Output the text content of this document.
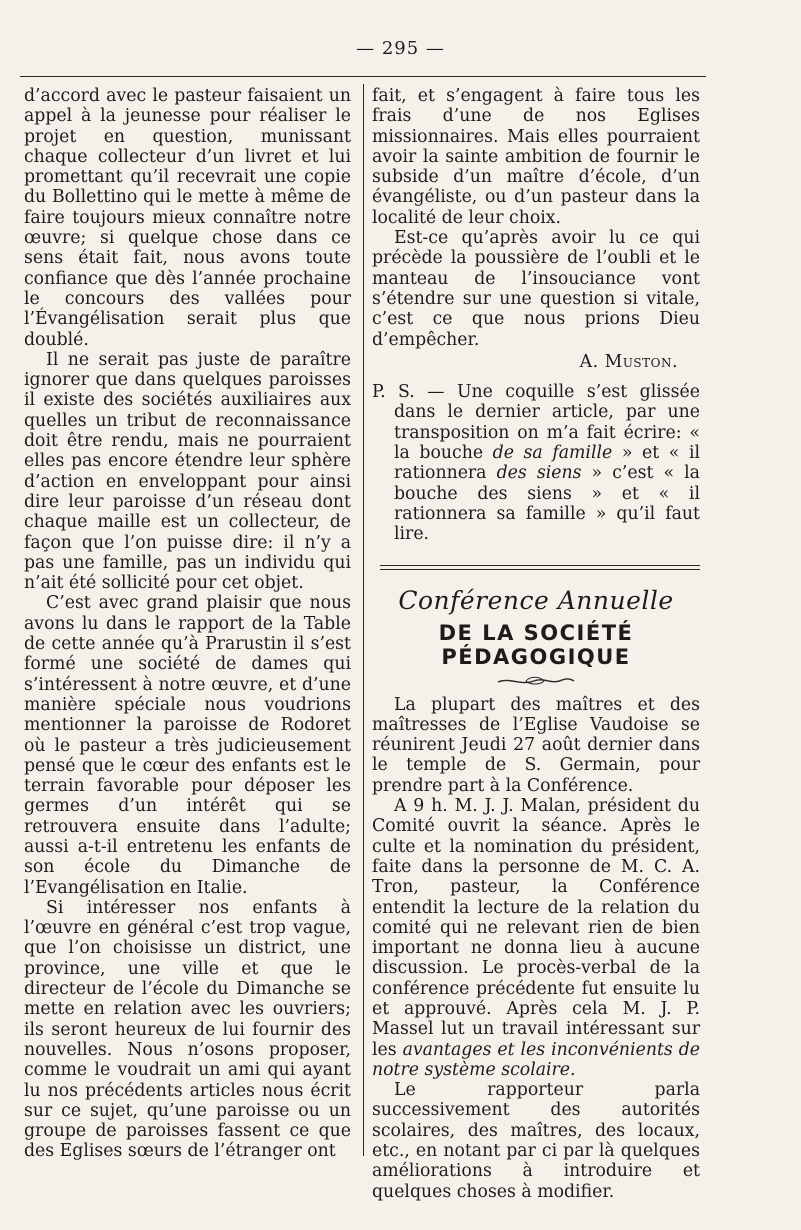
— 295 —

d’accord avec le pasteur faisaient un appel à la jeunesse pour réaliser le projet en question, munissant chaque collecteur d’un livret et lui promettant qu’il recevrait une copie du Bollettino qui le mette à même de faire toujours mieux connaître notre œuvre; si quelque chose dans ce sens était fait, nous avons toute confiance que dès l’année prochaine le concours des vallées pour l’Évangélisation serait plus que doublé.

Il ne serait pas juste de paraître ignorer que dans quelques paroisses il existe des sociétés auxiliaires aux quelles un tribut de reconnaissance doit être rendu, mais ne pourraient elles pas encore étendre leur sphère d’action en enveloppant pour ainsi dire leur paroisse d’un réseau dont chaque maille est un collecteur, de façon que l’on puisse dire: il n’y a pas une famille, pas un individu qui n’ait été sollicité pour cet objet.

C’est avec grand plaisir que nous avons lu dans le rapport de la Table de cette année qu’à Prarustin il s’est formé une société de dames qui s’intéressent à notre œuvre, et d’une manière spéciale nous voudrions mentionner la paroisse de Rodoret où le pasteur a très judicieusement pensé que le cœur des enfants est le terrain favorable pour déposer les germes d’un intérêt qui se retrouvera ensuite dans l’adulte; aussi a-t-il entretenu les enfants de son école du Dimanche de l’Evangélisation en Italie.

Si intéresser nos enfants à l’œuvre en général c’est trop vague, que l’on choisisse un district, une province, une ville et que le directeur de l’école du Dimanche se mette en relation avec les ouvriers; ils seront heureux de lui fournir des nouvelles. Nous n’osons proposer, comme le voudrait un ami qui ayant lu nos précédents articles nous écrit sur ce sujet, qu’une paroisse ou un groupe de paroisses fassent ce que des Eglises sœurs de l’étranger ont

fait, et s’engagent à faire tous les frais d’une de nos Eglises missionnaires. Mais elles pourraient avoir la sainte ambition de fournir le subside d’un maître d’école, d’un évangéliste, ou d’un pasteur dans la localité de leur choix.

Est-ce qu’après avoir lu ce qui précède la poussière de l’oubli et le manteau de l’insouciance vont s’étendre sur une question si vitale, c’est ce que nous prions Dieu d’empêcher.

A. Muston.

P. S. — Une coquille s’est glissée dans le dernier article, par une transposition on m’a fait écrire: « la bouche de sa famille » et « il rationnera des siens » c’est « la bouche des siens » et « il rationnera sa famille » qu’il faut lire.

Conférence Annuelle
DE LA SOCIÉTÉ PÉDAGOGIQUE

La plupart des maîtres et des maîtresses de l’Eglise Vaudoise se réunirent Jeudi 27 août dernier dans le temple de S. Germain, pour prendre part à la Conférence.

A 9 h. M. J. J. Malan, président du Comité ouvrit la séance. Après le culte et la nomination du président, faite dans la personne de M. C. A. Tron, pasteur, la Conférence entendit la lecture de la relation du comité qui ne relevant rien de bien important ne donna lieu à aucune discussion. Le procès-verbal de la conférence précédente fut ensuite lu et approuvé. Après cela M. J. P. Massel lut un travail intéressant sur les avantages et les inconvénients de notre système scolaire.

Le rapporteur parla successivement des autorités scolaires, des maîtres, des locaux, etc., en notant par ci par là quelques améliorations à introduire et quelques choses à modifier.
